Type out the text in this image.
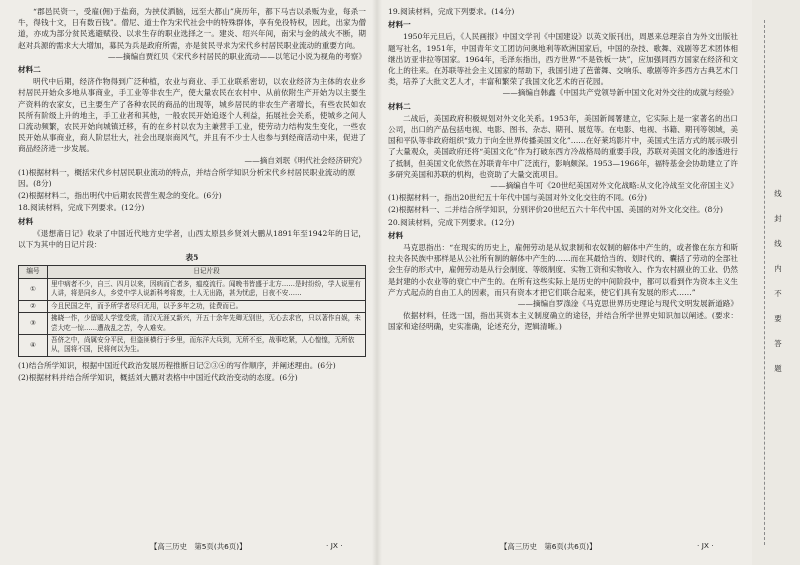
“郡邑民资一，受雇(佣)于盐商，为挟仗洒脑，远至大都山”庚历年，都下马吉以杀贩为业，每杀一牛，得钱十文，日有数百钱”。僧尼、道士作为宋代社会中的特殊群体，享有免役特权，因此，出家为僧道，亦成为部分贫民逃避赋役、以求生存的职业选择之一。建炎、绍兴年间，南宋与金的战火不断，期赵对兵源的需求大大增加，募民为兵是政府所需，亦是贫民寻求为宋代乡村居民职业流动的重要方向。

——摘编自贾红贝《宋代乡村居民的职业流动——以笔记小说为视角的考察》

材料二

明代中后期，经济作物得到广泛种植，农业与商业、手工业联系密切，以农业经济为主体的农业乡村居民开始众多地从事商业，手工业等非农生产，使大量农民在农村中、从前依附生产开始为以主要生产资料的农家女，已主要生产了各种农民的商品的出现等，城乡居民的非农生产者增长，有些农民如农民所有阶级上升的地主，手工业者和其他，一般农民开始追逐个人利益，拓展社会关系，使城乡之间人口流动频繁，农民开始向城镇迁移，有的在乡村以农为主兼营手工业，使劳动力结构发生变化，一些农民开始从事商业，商人阶层壮大，社会出现崇商风气，并且有不少士人也参与到经商活动中来，促进了商品经济进一步发展。

——摘自刘珉《明代社会经济研究》

(1)根据材料一，概括宋代乡村居民职业流动的特点，并结合所学知识分析宋代乡村居民职业流动的原因。(8分)

(2)根据材料二，指出明代中后期农民营生观念的变化。(6分)

18.阅读材料，完成下列要求。(12分)

材料

《退想斋日记》收录了中国近代地方史学者，山西太原县乡贤刘大鹏从1891年至1942年的日记，以下为其中的日记片段：

表5
编号	日记片段
①	里中病者不少，自三、四月以来，因病而亡者多，瘟疫流行。闻晚书皆盛于北方……是时纷纷，学人说里有人讲，将是同乡人，乡党中学人说新科考将废，士人无出路，甚为忧虑，日夜不安……
②	今且民国之年，而予所学者尽归无用，以予多年之功，徒费而已。
③	拂晓一作，少留暖人学堂受赏，清汉无涯又新兴，开五十余年先卿无别世，无心去求官，只以著作自娱，未尝大吃一惊……遭战乱之苦，令人难安。
④	吾侪之中，尚属安分平民，但盗匪横行于乡里，而东洋大兵到，无所不至，战事吃紧，人心惶惶，无所依从，国将不国，民将何以为生。

(1)结合所学知识，根据中国近代政治发展历程推断日记②③④的写作顺序，并阐述理由。(6分)

(2)根据材料并结合所学知识，概括刘大鹏对表格中中国近代政治变动的态度。(6分)

19.阅读材料，完成下列要求。(14分)

材料一

1950年元旦后，《人民画报》中国文学刊《中国建设》以英文版刊出，周恩来总理亲自为外文出版社题写社名，1951年，中国青年文工团访问奥地利等欧洲国家后，中国的杂技、歌舞、戏剧等艺术团体相继出访亚非拉等国家。1964年，毛泽东指出，西方世界“不是铁板一块”，应加强同西方国家在经济和文化上的往来。在苏联等社会主义国家的帮助下，我国引进了芭蕾舞、交响乐、歌剧等许多西方古典艺术门类，培养了大批文艺人才，丰富和繁荣了我国文化艺术的百花园。

——摘编自韩鑫《中国共产党领导新中国文化对外交往的成就与经验》

材料二

二战后，美国政府积极规划对外文化关系。1953年，美国新闻署建立，它实际上是一家著名的出口公司，出口的产品包括电视、电影、图书、杂志、期刊、展览等。在电影、电视、书籍、期刊等领域，美国和平队等非政府组织“致力于向全世界传播美国文化”……在好莱坞影片中，美国式生活方式的展示吸引了大量观众，美国政府还将“美国文化”作为打破东西方冷战格局的重要手段，苏联对美国文化的渗透进行了抵制，但美国文化依然在苏联青年中广泛流行，影响颇深。1953—1966年，福特基金会协助建立了许多研究美国和苏联的机构，也资助了大量交流项目。

——摘编自牛可《20世纪美国对外文化战略:从文化冷战至文化帝国主义》

(1)根据材料一，指出20世纪五十年代中国与美国对外文化交往的不同。(6分)

(2)根据材料一、二并结合所学知识，分别评价20世纪五六十年代中国、美国的对外文化交往。(8分)

20.阅读材料，完成下列要求。(12分)

材料

马克思指出：“在现实的历史上，雇佣劳动是从奴隶制和农奴制的解体中产生的，或者像在东方和斯拉夫各民族中那样是从公社所有制的解体中产生的……而在其最恰当的、划时代的、囊括了劳动的全部社会生存的形式中，雇佣劳动是从行会制度、等级制度、实物工资和实物收入、作为农村副业的工业、仍然是封建的小农业等的衰亡中产生的。在所有这些实际上是历史的中间阶段中，都可以看到作为资本主义生产方式起点的自由工人的因素，而只有资本才把它们联合起来，使它们具有发展的形式……”

——摘编自罗涤淦《马克思世界历史理论与现代文明发展新道路》

依据材料，任选一国，指出其资本主义制度确立的途径，并结合所学世界史知识加以阐述。(要求：国家和途径明确，史实准确，论述充分，逻辑清晰。)

【高三历史　第5页(共6页)】	· JX ·	【高三历史　第6页(共6页)】	· JX ·
线
封
线
内
不
要
答
题
